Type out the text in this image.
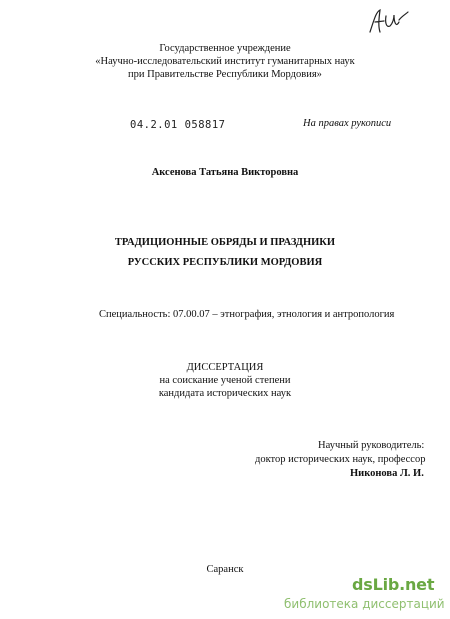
Государственное учреждение
«Научно-исследовательский институт гуманитарных наук
при Правительстве Республики Мордовия»
04.2.01 058817	На правах рукописи
Аксенова Татьяна Викторовна
ТРАДИЦИОННЫЕ ОБРЯДЫ И ПРАЗДНИКИ
РУССКИХ РЕСПУБЛИКИ МОРДОВИЯ
Специальность: 07.00.07 – этнография, этнология и антропология
ДИССЕРТАЦИЯ
на соискание ученой степени
кандидата исторических наук
Научный руководитель:
доктор исторических наук, профессор
Никонова Л. И.
Саранск
dsLib.net
библиотека диссертаций
